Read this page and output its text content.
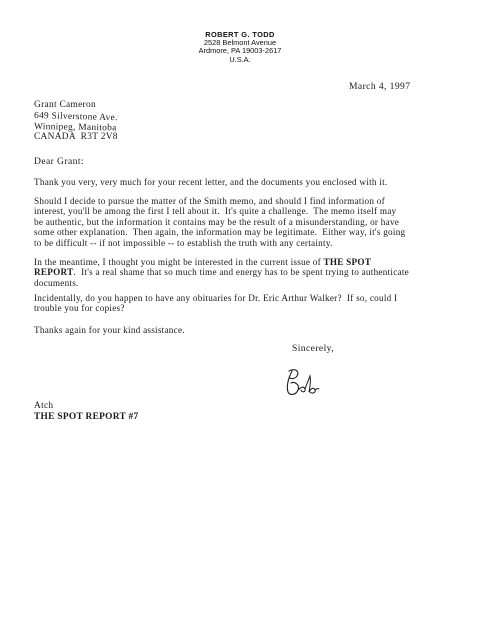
ROBERT G. TODD
2528 Belmont Avenue
Ardmore, PA 19003-2617
U.S.A.
March 4, 1997
Grant Cameron
649 Silverstone Ave.
Winnipeg, Manitoba
CANADA  R3T 2V8
Dear Grant:
Thank you very, very much for your recent letter, and the documents you enclosed with it.
Should I decide to pursue the matter of the Smith memo, and should I find information of
interest, you'll be among the first I tell about it.  It's quite a challenge.  The memo itself may
be authentic, but the information it contains may be the result of a misunderstanding, or have
some other explanation.  Then again, the information may be legitimate.  Either way, it's going
to be difficult -- if not impossible -- to establish the truth with any certainty.
In the meantime, I thought you might be interested in the current issue of THE SPOT
REPORT.  It's a real shame that so much time and energy has to be spent trying to authenticate
documents.
Incidentally, do you happen to have any obituaries for Dr. Eric Arthur Walker?  If so, could I
trouble you for copies?
Thanks again for your kind assistance.
Sincerely,
Atch
THE SPOT REPORT #7
